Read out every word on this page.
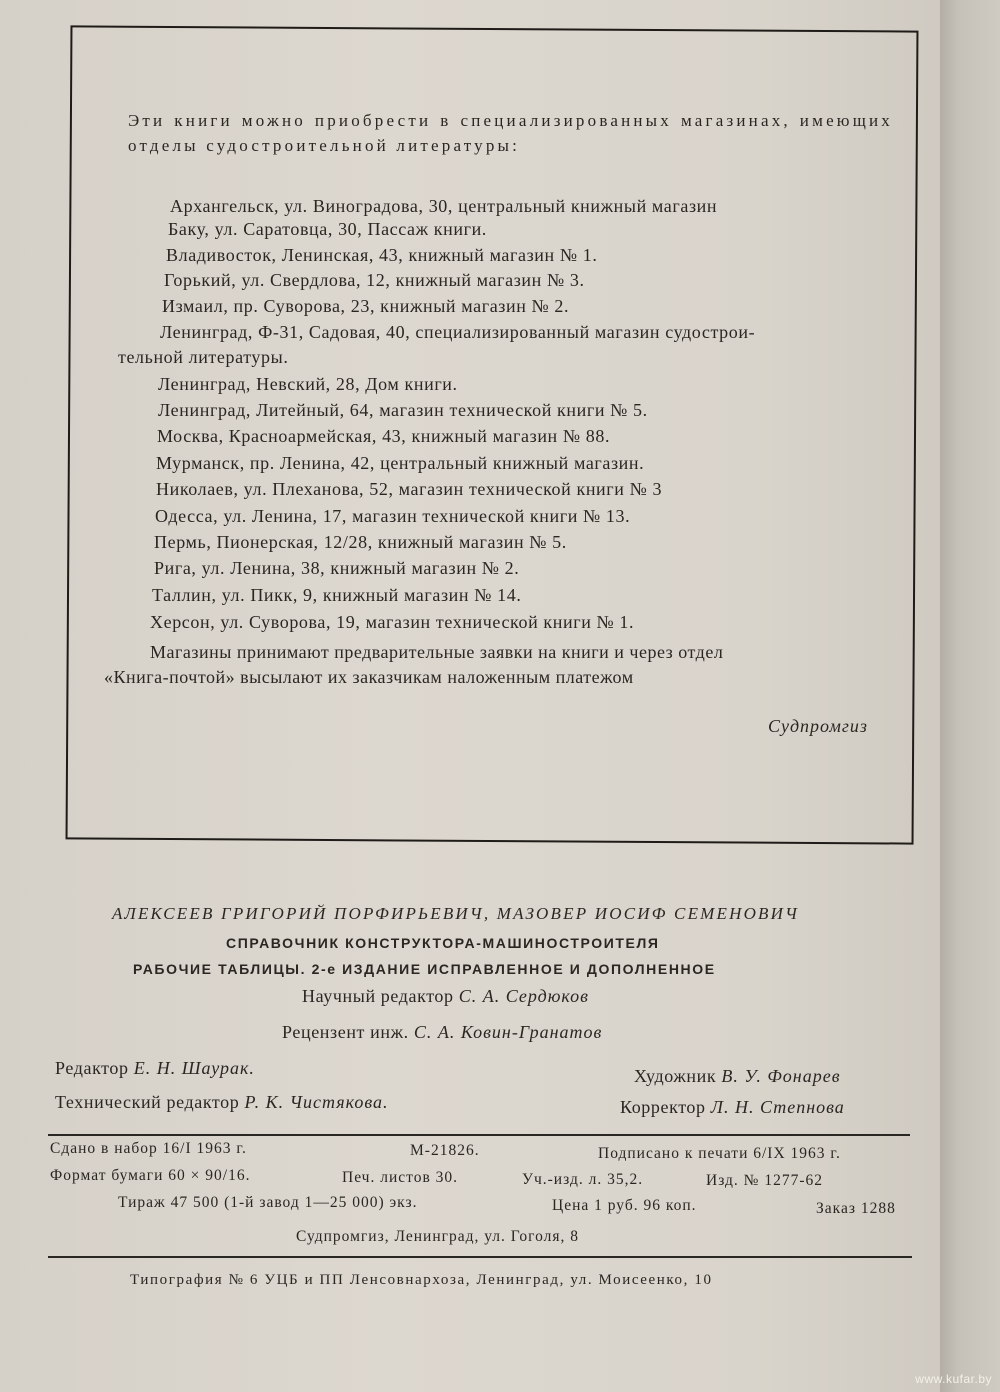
Эти книги можно приобрести в специализированных магазинах, имеющих отделы судостроительной литературы:
Архангельск, ул. Виноградова, 30, центральный книжный магазин
Баку, ул. Саратовца, 30, Пассаж книги.
Владивосток, Ленинская, 43, книжный магазин № 1.
Горький, ул. Свердлова, 12, книжный магазин № 3.
Измаил, пр. Суворова, 23, книжный магазин № 2.
Ленинград, Ф-31, Садовая, 40, специализированный магазин судострои-
тельной литературы.
Ленинград, Невский, 28, Дом книги.
Ленинград, Литейный, 64, магазин технической книги № 5.
Москва, Красноармейская, 43, книжный магазин № 88.
Мурманск, пр. Ленина, 42, центральный книжный магазин.
Николаев, ул. Плеханова, 52, магазин технической книги № 3
Одесса, ул. Ленина, 17, магазин технической книги № 13.
Пермь, Пионерская, 12/28, книжный магазин № 5.
Рига, ул. Ленина, 38, книжный магазин № 2.
Таллин, ул. Пикк, 9, книжный магазин № 14.
Херсон, ул. Суворова, 19, магазин технической книги № 1.
Магазины принимают предварительные заявки на книги и через отдел
«Книга-почтой» высылают их заказчикам наложенным платежом
Судпромгиз
АЛЕКСЕЕВ ГРИГОРИЙ ПОРФИРЬЕВИЧ, МАЗОВЕР ИОСИФ СЕМЕНОВИЧ
СПРАВОЧНИК КОНСТРУКТОРА-МАШИНОСТРОИТЕЛЯ
РАБОЧИЕ ТАБЛИЦЫ. 2-е ИЗДАНИЕ ИСПРАВЛЕННОЕ И ДОПОЛНЕННОЕ
Научный редактор С. А. Сердюков
Рецензент инж. С. А. Ковин-Гранатов
Редактор Е. Н. Шаурак.	Художник В. У. Фонарев
Технический редактор Р. К. Чистякова.	Корректор Л. Н. Степнова
Сдано в набор 16/I 1963 г.	М-21826.	Подписано к печати 6/IX 1963 г.
Формат бумаги 60 × 90/16.	Печ. листов 30.	Уч.-изд. л. 35,2.	Изд. № 1277-62
Тираж 47 500 (1-й завод 1—25 000) экз.	Цена 1 руб. 96 коп.	Заказ 1288
Судпромгиз, Ленинград, ул. Гоголя, 8
Типография № 6 УЦБ и ПП Ленсовнархоза, Ленинград, ул. Моисеенко, 10
www.kufar.by
